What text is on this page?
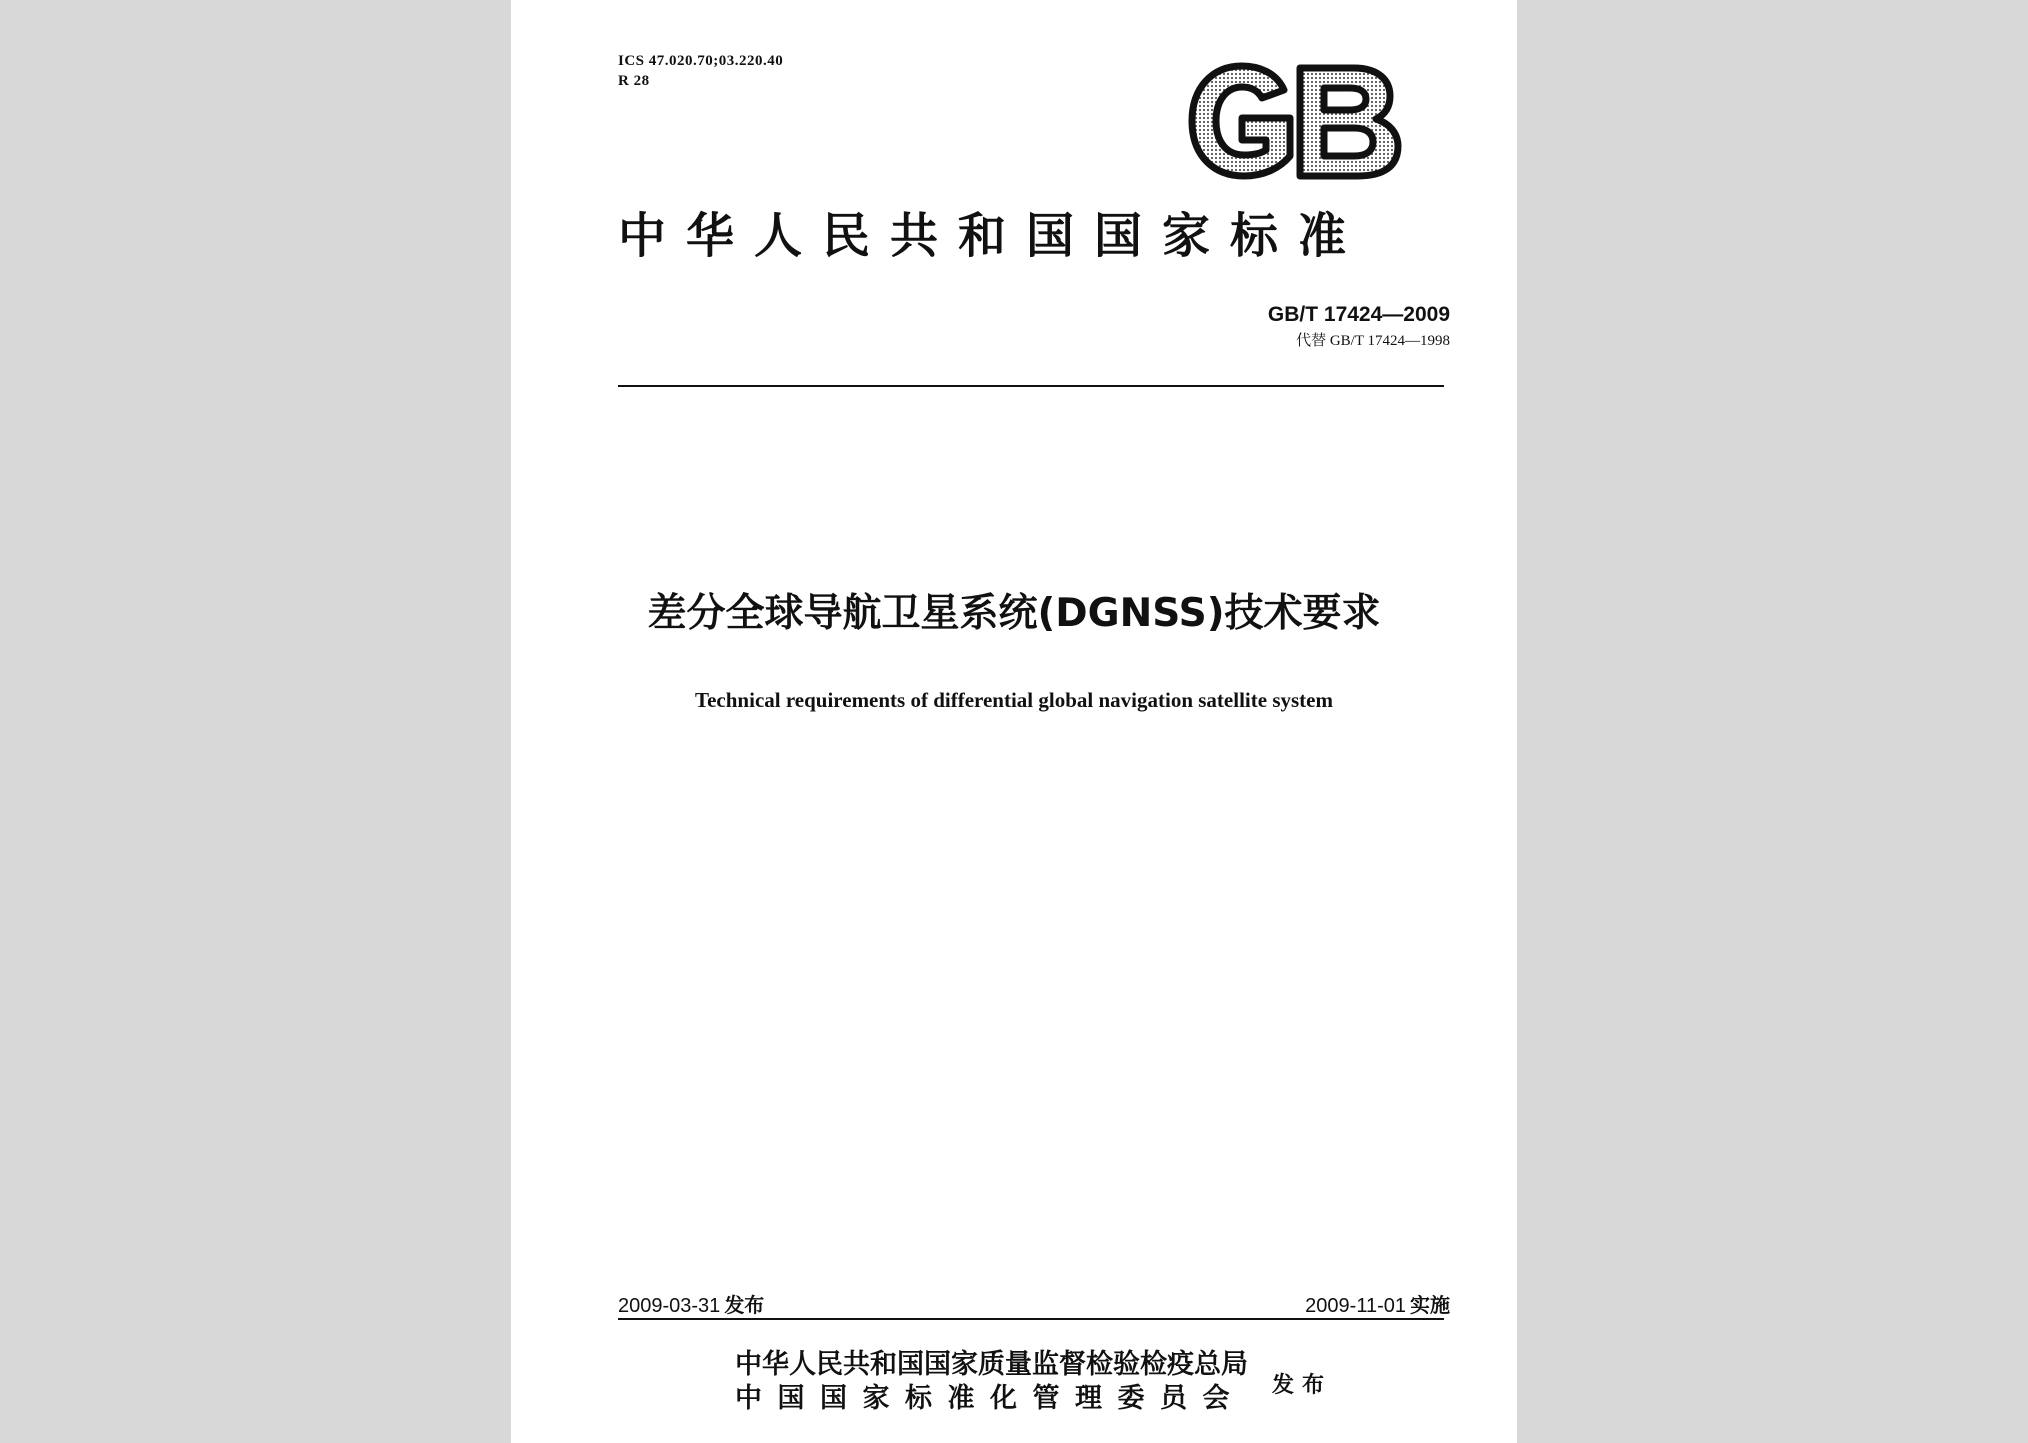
ICS 47.020.70;03.220.40
R 28
GB
中华人民共和国国家标准
GB/T 17424—2009
代替 GB/T 17424—1998
差分全球导航卫星系统(DGNSS)技术要求
Technical requirements of differential global navigation satellite system
2009-03-31 发布	2009-11-01 实施
中华人民共和国国家质量监督检验检疫总局
中国国家标准化管理委员会 发布
